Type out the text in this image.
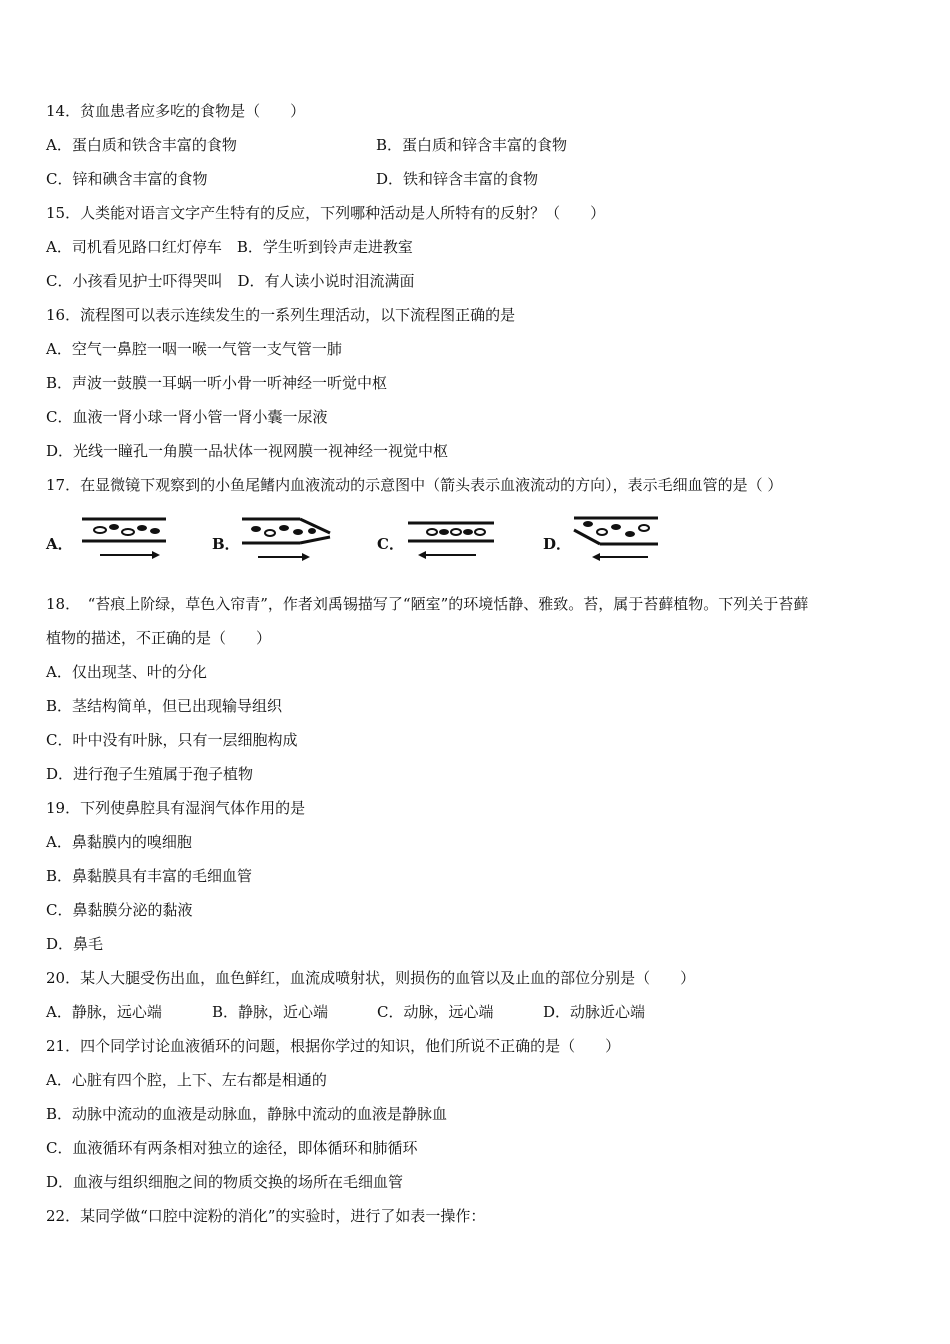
14．贫血患者应多吃的食物是（　　）
A．蛋白质和铁含丰富的食物	B．蛋白质和锌含丰富的食物
C．锌和碘含丰富的食物	D．铁和锌含丰富的食物
15．人类能对语言文字产生特有的反应，下列哪种活动是人所特有的反射？（　　）
A．司机看见路口红灯停车　B．学生听到铃声走进教室
C．小孩看见护士吓得哭叫　D．有人读小说时泪流满面
16．流程图可以表示连续发生的一系列生理活动，以下流程图正确的是
A．空气一鼻腔一咽一喉一气管一支气管一肺
B．声波一鼓膜一耳蜗一听小骨一听神经一听觉中枢
C．血液一肾小球一肾小管一肾小囊一尿液
D．光线一瞳孔一角膜一品状体一视网膜一视神经一视觉中枢
17．在显微镜下观察到的小鱼尾鳍内血液流动的示意图中（箭头表示血液流动的方向），表示毛细血管的是（ ）
A．	B．	C．	D．
18．　“苔痕上阶绿，草色入帘青”，作者刘禹锡描写了“陋室”的环境恬静、雅致。苔，属于苔藓植物。下列关于苔藓
植物的描述，不正确的是（　　）
A．仅出现茎、叶的分化
B．茎结构简单，但已出现输导组织
C．叶中没有叶脉，只有一层细胞构成
D．进行孢子生殖属于孢子植物
19．下列使鼻腔具有湿润气体作用的是
A．鼻黏膜内的嗅细胞
B．鼻黏膜具有丰富的毛细血管
C．鼻黏膜分泌的黏液
D．鼻毛
20．某人大腿受伤出血，血色鲜红，血流成喷射状，则损伤的血管以及止血的部位分别是（　　）
A．静脉，远心端	B．静脉，近心端	C．动脉，远心端	D．动脉近心端
21．四个同学讨论血液循环的问题，根据你学过的知识，他们所说不正确的是（　　）
A．心脏有四个腔，上下、左右都是相通的
B．动脉中流动的血液是动脉血，静脉中流动的血液是静脉血
C．血液循环有两条相对独立的途径，即体循环和肺循环
D．血液与组织细胞之间的物质交换的场所在毛细血管
22．某同学做“口腔中淀粉的消化”的实验时，进行了如表一操作：
